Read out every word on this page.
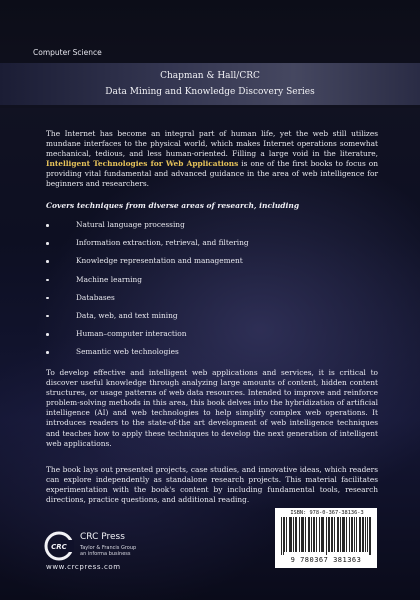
Computer Science
Chapman & Hall/CRC
Data Mining and Knowledge Discovery Series
The Internet has become an integral part of human life, yet the web still utilizes mundane interfaces to the physical world, which makes Internet operations somewhat mechanical, tedious, and less human-oriented. Filling a large void in the literature, Intelligent Technologies for Web Applications is one of the first books to focus on providing vital fundamental and advanced guidance in the area of web intelligence for beginners and researchers.
Covers techniques from diverse areas of research, including
Natural language processing
Information extraction, retrieval, and filtering
Knowledge representation and management
Machine learning
Databases
Data, web, and text mining
Human–computer interaction
Semantic web technologies
To develop effective and intelligent web applications and services, it is critical to discover useful knowledge through analyzing large amounts of content, hidden content structures, or usage patterns of web data resources. Intended to improve and reinforce problem-solving methods in this area, this book delves into the hybridization of artificial intelligence (AI) and web technologies to help simplify complex web operations. It introduces readers to the state-of-the art development of web intelligence techniques and teaches how to apply these techniques to develop the next generation of intelligent web applications.
The book lays out presented projects, case studies, and innovative ideas, which readers can explore independently as standalone research projects. This material facilitates experimentation with the book's content by including fundamental tools, research directions, practice questions, and additional reading.
CRC
CRC Press
Taylor & Francis Group
an informa business
www.crcpress.com
ISBN: 978-0-367-38136-3
9 780367 381363
